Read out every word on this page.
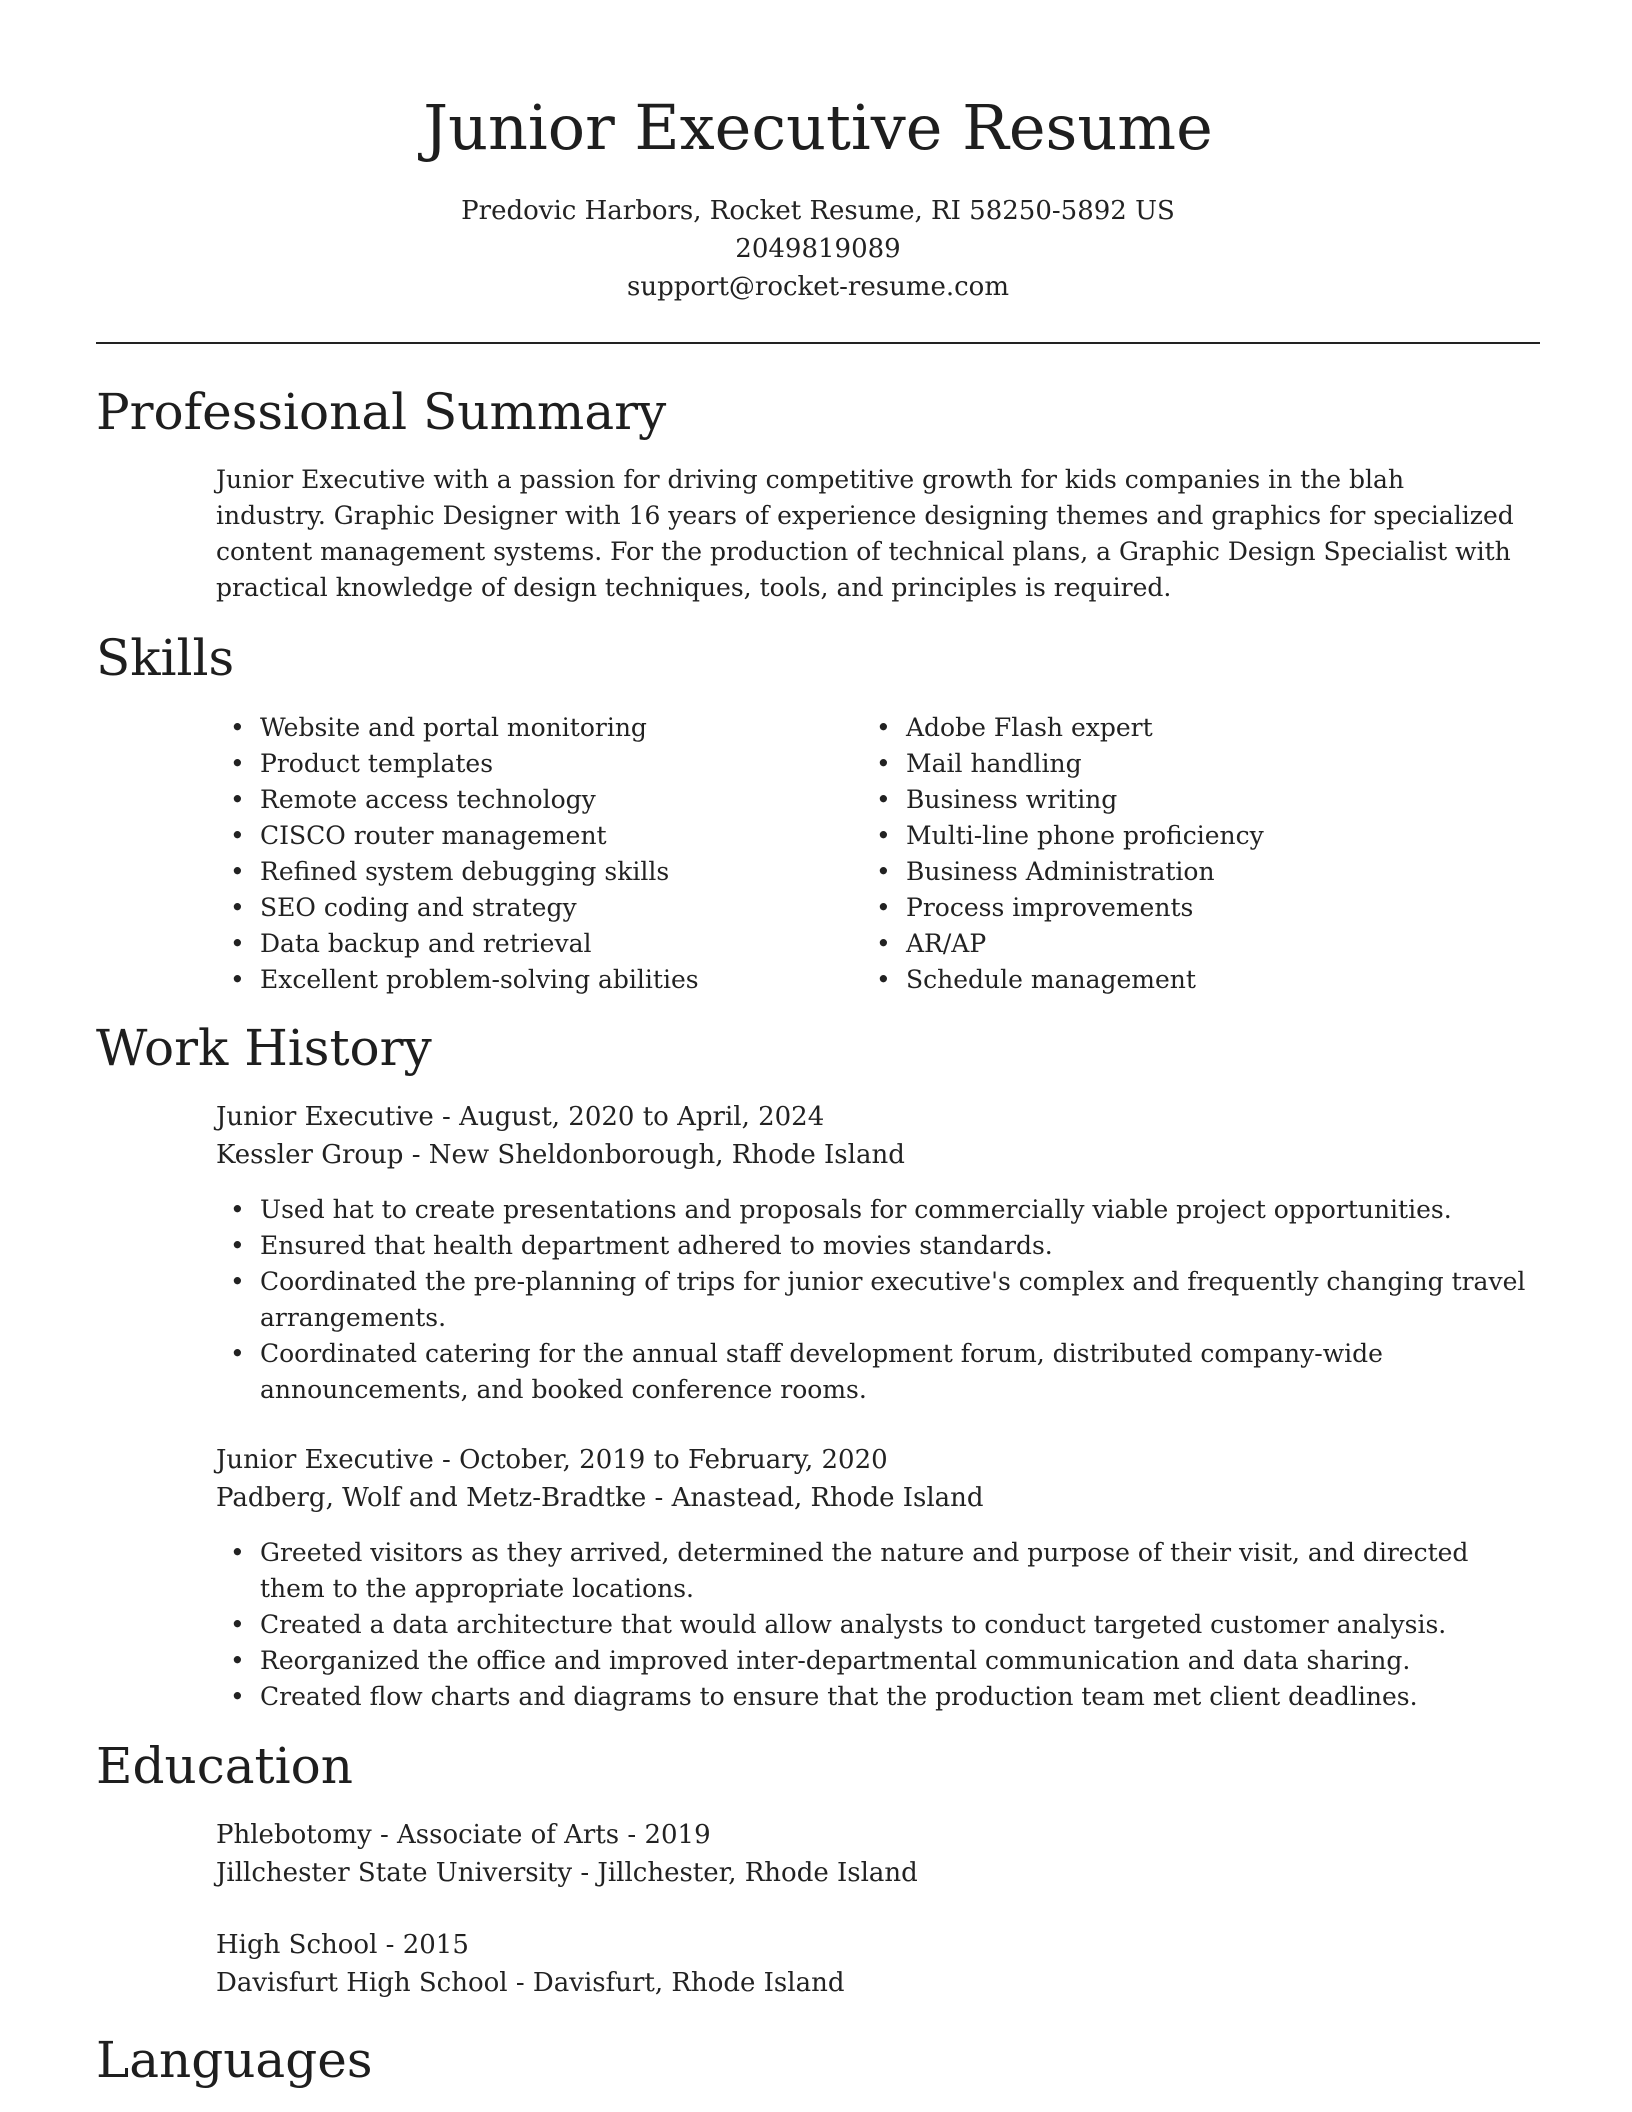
Junior Executive Resume
Predovic Harbors, Rocket Resume, RI 58250-5892 US
2049819089
support@rocket-resume.com
Professional Summary

Junior Executive with a passion for driving competitive growth for kids companies in the blah industry. Graphic Designer with 16 years of experience designing themes and graphics for specialized content management systems. For the production of technical plans, a Graphic Design Specialist with practical knowledge of design techniques, tools, and principles is required.

Skills
• Website and portal monitoring
• Product templates
• Remote access technology
• CISCO router management
• Refined system debugging skills
• SEO coding and strategy
• Data backup and retrieval
• Excellent problem-solving abilities
• Adobe Flash expert
• Mail handling
• Business writing
• Multi-line phone proficiency
• Business Administration
• Process improvements
• AR/AP
• Schedule management
Work History
Junior Executive - August, 2020 to April, 2024
Kessler Group - New Sheldonborough, Rhode Island
• Used hat to create presentations and proposals for commercially viable project opportunities.
• Ensured that health department adhered to movies standards.
• Coordinated the pre-planning of trips for junior executive's complex and frequently changing travel arrangements.
• Coordinated catering for the annual staff development forum, distributed company-wide announcements, and booked conference rooms.
Junior Executive - October, 2019 to February, 2020
Padberg, Wolf and Metz-Bradtke - Anastead, Rhode Island
• Greeted visitors as they arrived, determined the nature and purpose of their visit, and directed them to the appropriate locations.
• Created a data architecture that would allow analysts to conduct targeted customer analysis.
• Reorganized the office and improved inter-departmental communication and data sharing.
• Created flow charts and diagrams to ensure that the production team met client deadlines.
Education
Phlebotomy - Associate of Arts - 2019
Jillchester State University - Jillchester, Rhode Island
High School - 2015
Davisfurt High School - Davisfurt, Rhode Island
Languages
